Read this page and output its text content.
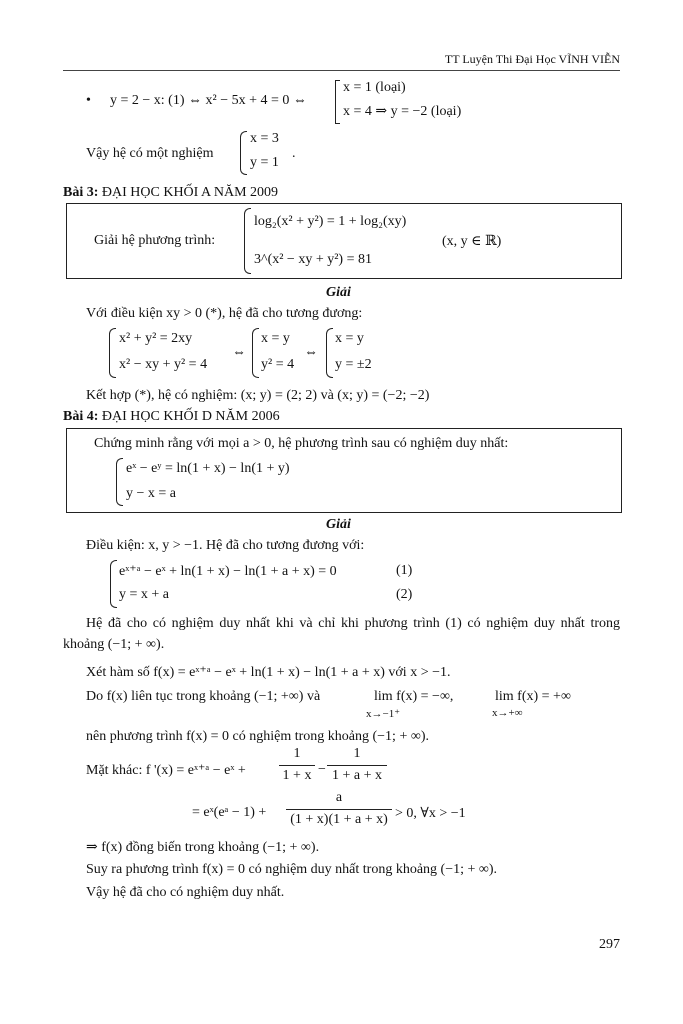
TT Luyện Thi Đại Học VĨNH VIỄN
• y = 2 − x: (1) ⇔ x² − 5x + 4 = 0 ⇔
x = 1 (loại)
x = 4 ⇒ y = −2 (loại)
Vậy hệ có một nghiệm
x = 3
y = 1
.
Bài 3: ĐẠI HỌC KHỐI A NĂM 2009
Giải hệ phương trình:
log₂(x² + y²) = 1 + log₂(xy)
3^(x² − xy + y²) = 81
(x, y ∈ ℝ)
Giải
Với điều kiện xy > 0 (*), hệ đã cho tương đương:
x² + y² = 2xy
x² − xy + y² = 4
⇔
x = y
y² = 4
⇔
x = y
y = ±2
Kết hợp (*), hệ có nghiệm: (x; y) = (2; 2) và (x; y) = (−2; −2)
Bài 4: ĐẠI HỌC KHỐI D NĂM 2006
Chứng minh rằng với mọi a > 0, hệ phương trình sau có nghiệm duy nhất:
eˣ − eʸ = ln(1 + x) − ln(1 + y)
y − x = a
Giải
Điều kiện: x, y > −1. Hệ đã cho tương đương với:
eˣ⁺ᵃ − eˣ + ln(1 + x) − ln(1 + a + x) = 0	(1)
y = x + a	(2)
Hệ đã cho có nghiệm duy nhất khi và chỉ khi phương trình (1) có nghiệm duy nhất trong khoảng (−1; + ∞).
Xét hàm số f(x) = eˣ⁺ᵃ − eˣ + ln(1 + x) − ln(1 + a + x) với x > −1.
Do f(x) liên tục trong khoảng (−1; +∞) và	lim f(x) = −∞,
x→−1⁺
lim f(x) = +∞
x→+∞
nên phương trình f(x) = 0 có nghiệm trong khoảng (−1; + ∞).
Mặt khác: f '(x) = eˣ⁺ᵃ − eˣ +
1
1 + x −
1
1 + a + x
= eˣ(eᵃ − 1) +
a
(1 + x)(1 + a + x) > 0, ∀x > −1
⇒ f(x) đồng biến trong khoảng (−1; + ∞).
Suy ra phương trình f(x) = 0 có nghiệm duy nhất trong khoảng (−1; + ∞).
Vậy hệ đã cho có nghiệm duy nhất.
297
